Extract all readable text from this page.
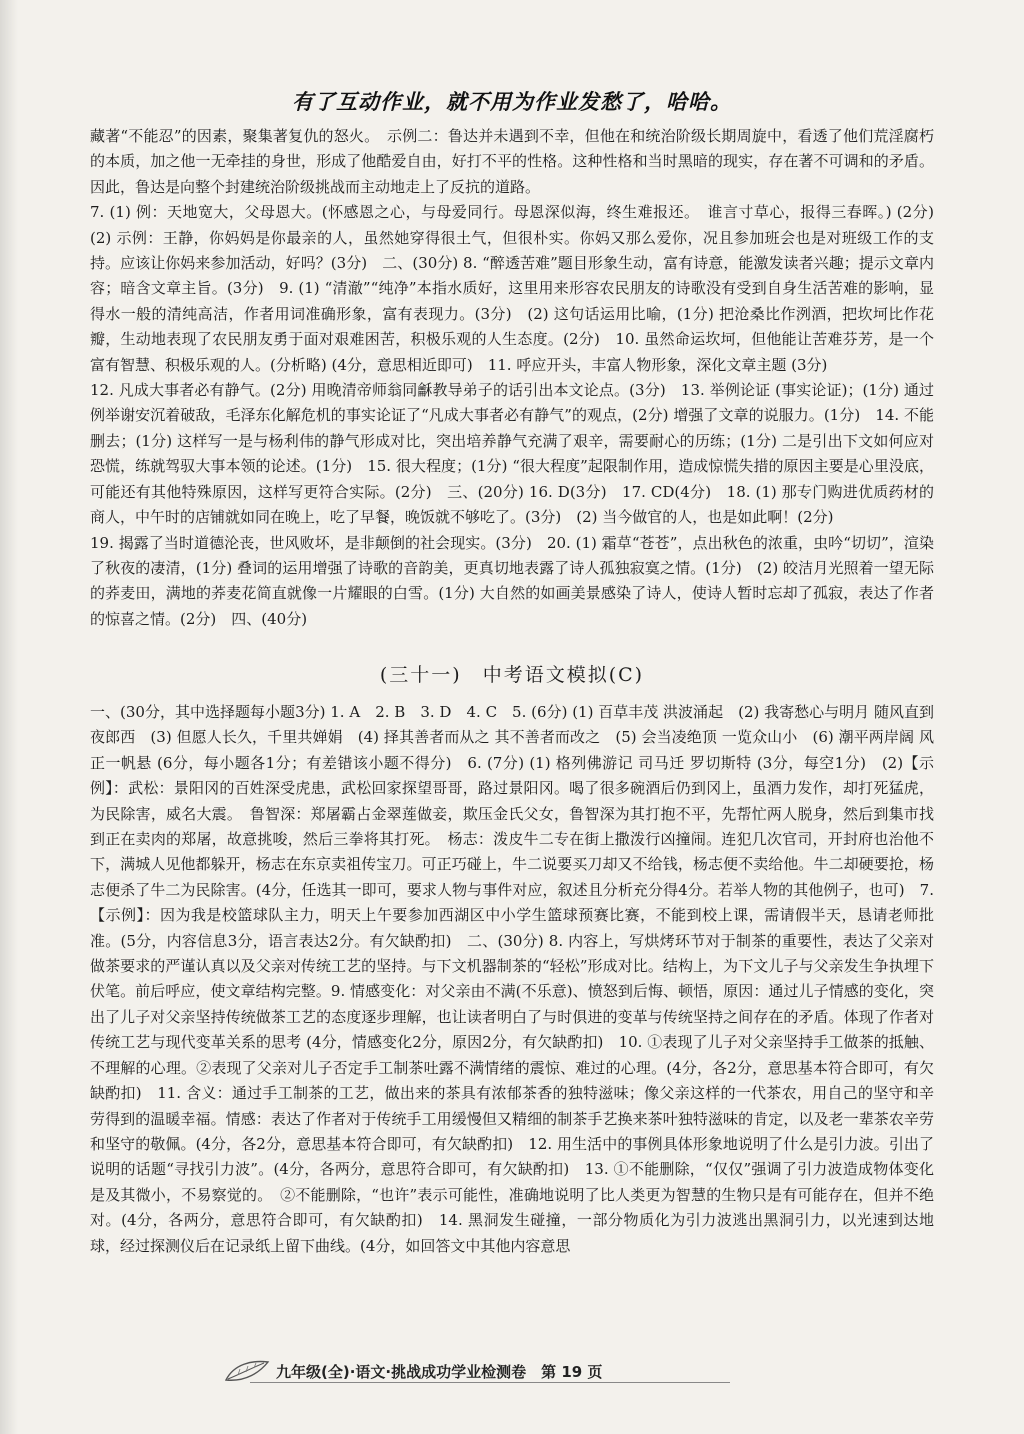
有了互动作业，就不用为作业发愁了，哈哈。

藏著“不能忍”的因素，聚集著复仇的怒火。　示例二：鲁达并未遇到不幸，但他在和统治阶级长期周旋中，看透了他们荒淫腐朽的本质，加之他一无牵挂的身世，形成了他酷爱自由，好打不平的性格。这种性格和当时黑暗的现实，存在著不可调和的矛盾。因此，鲁达是向整个封建统治阶级挑战而主动地走上了反抗的道路。

7. (1) 例：天地宽大，父母恩大。(怀感恩之心，与母爱同行。母恩深似海，终生难报还。　谁言寸草心，报得三春晖。) (2分)　(2) 示例：王静，你妈妈是你最亲的人，虽然她穿得很土气，但很朴实。你妈又那么爱你，况且参加班会也是对班级工作的支持。应该让你妈来参加活动，好吗？(3分)　二、(30分) 8. “醉透苦难”题目形象生动，富有诗意，能激发读者兴趣；提示文章内容；暗含文章主旨。(3分)　9. (1) “清澈”“纯净”本指水质好，这里用来形容农民朋友的诗歌没有受到自身生活苦难的影响，显得水一般的清纯高洁，作者用词准确形象，富有表现力。(3分)　(2) 这句话运用比喻，(1分) 把沧桑比作洌酒，把坎坷比作花瓣，生动地表现了农民朋友勇于面对艰难困苦，积极乐观的人生态度。(2分)　10. 虽然命运坎坷，但他能让苦难芬芳，是一个富有智慧、积极乐观的人。(分析略) (4分，意思相近即可)　11. 呼应开头，丰富人物形象，深化文章主题 (3分)

12. 凡成大事者必有静气。(2分) 用晚清帝师翁同龢教导弟子的话引出本文论点。(3分)　13. 举例论证 (事实论证)；(1分) 通过例举谢安沉着破敌，毛泽东化解危机的事实论证了“凡成大事者必有静气”的观点，(2分) 增强了文章的说服力。(1分)　14. 不能删去；(1分) 这样写一是与杨利伟的静气形成对比，突出培养静气充满了艰辛，需要耐心的历练；(1分) 二是引出下文如何应对恐慌，练就驾驭大事本领的论述。(1分)　15. 很大程度；(1分) “很大程度”起限制作用，造成惊慌失措的原因主要是心里没底，可能还有其他特殊原因，这样写更符合实际。(2分)　三、(20分) 16. D(3分)　17. CD(4分)　18. (1) 那专门购进优质药材的商人，中午时的店铺就如同在晚上，吃了早餐，晚饭就不够吃了。(3分)　(2) 当今做官的人，也是如此啊！(2分)

19. 揭露了当时道德沦丧，世风败坏，是非颠倒的社会现实。(3分)　20. (1) 霜草“苍苍”，点出秋色的浓重，虫吟“切切”，渲染了秋夜的凄清，(1分) 叠词的运用增强了诗歌的音韵美，更真切地表露了诗人孤独寂寞之情。(1分)　(2) 皎洁月光照着一望无际的荞麦田，满地的荞麦花简直就像一片耀眼的白雪。(1分) 大自然的如画美景感染了诗人，使诗人暂时忘却了孤寂，表达了作者的惊喜之情。(2分)　四、(40分)

(三十一)　中考语文模拟(C)

一、(30分，其中选择题每小题3分) 1. A　2. B　3. D　4. C　5. (6分) (1) 百草丰茂 洪波涌起　(2) 我寄愁心与明月 随风直到夜郎西　(3) 但愿人长久，千里共婵娟　(4) 择其善者而从之 其不善者而改之　(5) 会当凌绝顶 一览众山小　(6) 潮平两岸阔 风正一帆悬 (6分，每小题各1分；有差错该小题不得分)　6. (7分) (1) 格列佛游记 司马迁 罗切斯特 (3分，每空1分)　(2)【示例】：武松：景阳冈的百姓深受虎患，武松回家探望哥哥，路过景阳冈。喝了很多碗酒后仍到冈上，虽酒力发作，却打死猛虎，为民除害，威名大震。　鲁智深：郑屠霸占金翠莲做妾，欺压金氏父女，鲁智深为其打抱不平，先帮忙两人脱身，然后到集市找到正在卖肉的郑屠，故意挑唆，然后三拳将其打死。　杨志：泼皮牛二专在街上撒泼行凶撞闹。连犯几次官司，开封府也治他不下，满城人见他都躲开，杨志在东京卖祖传宝刀。可正巧碰上，牛二说要买刀却又不给钱，杨志便不卖给他。牛二却硬要抢，杨志便杀了牛二为民除害。(4分，任选其一即可，要求人物与事件对应，叙述且分析充分得4分。若举人物的其他例子，也可)　7.【示例】：因为我是校篮球队主力，明天上午要参加西湖区中小学生篮球预赛比赛，不能到校上课，需请假半天，恳请老师批准。(5分，内容信息3分，语言表达2分。有欠缺酌扣)　二、(30分) 8. 内容上，写烘烤环节对于制茶的重要性，表达了父亲对做茶要求的严谨认真以及父亲对传统工艺的坚持。与下文机器制茶的“轻松”形成对比。结构上，为下文儿子与父亲发生争执埋下伏笔。前后呼应，使文章结构完整。9. 情感变化：对父亲由不满(不乐意)、愤怒到后悔、顿悟，原因：通过儿子情感的变化，突出了儿子对父亲坚持传统做茶工艺的态度逐步理解，也让读者明白了与时俱进的变革与传统坚持之间存在的矛盾。体现了作者对传统工艺与现代变革关系的思考 (4分，情感变化2分，原因2分，有欠缺酌扣)　10. ①表现了儿子对父亲坚持手工做茶的抵触、不理解的心理。②表现了父亲对儿子否定手工制茶吐露不满情绪的震惊、难过的心理。(4分，各2分，意思基本符合即可，有欠缺酌扣)　11. 含义：通过手工制茶的工艺，做出来的茶具有浓郁茶香的独特滋味；像父亲这样的一代茶农，用自己的坚守和辛劳得到的温暖幸福。情感：表达了作者对于传统手工用缓慢但又精细的制茶手艺换来茶叶独特滋味的肯定，以及老一辈茶农辛劳和坚守的敬佩。(4分，各2分，意思基本符合即可，有欠缺酌扣)　12. 用生活中的事例具体形象地说明了什么是引力波。引出了说明的话题“寻找引力波”。(4分，各两分，意思符合即可，有欠缺酌扣)　13. ①不能删除，“仅仅”强调了引力波造成物体变化是及其微小，不易察觉的。　②不能删除，“也许”表示可能性，准确地说明了比人类更为智慧的生物只是有可能存在，但并不绝对。(4分，各两分，意思符合即可，有欠缺酌扣)　14. 黑洞发生碰撞，一部分物质化为引力波逃出黑洞引力，以光速到达地球，经过探测仪后在记录纸上留下曲线。(4分，如回答文中其他内容意思

九年级(全)·语文·挑战成功学业检测卷　第 19 页
